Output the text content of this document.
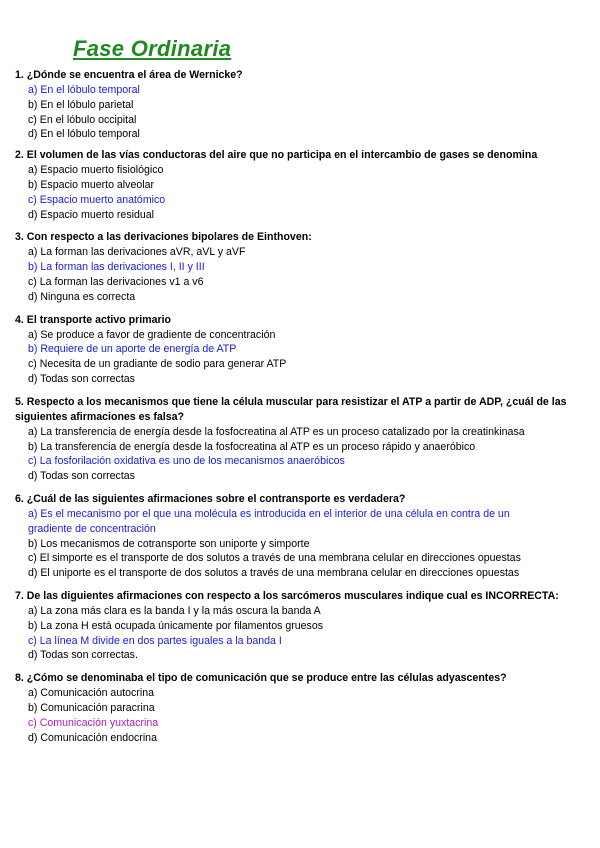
Fase Ordinaria

1. ¿Dónde se encuentra el área de Wernicke?

a) En el lóbulo temporal
b) En el lóbulo parietal
c) En el lóbulo occipital
d) En el lóbulo temporal

2. El volumen de las vías conductoras del aire que no participa en el intercambio de gases se denomina

a) Espacio muerto fisiológico
b) Espacio muerto alveolar
c) Espacio muerto anatómico
d) Espacio muerto residual

3. Con respecto a las derivaciones bipolares de Einthoven:

a) La forman las derivaciones aVR, aVL y aVF
b) La forman las derivaciones I, II y III
c) La forman las derivaciones v1 a v6
d) Ninguna es correcta

4. El transporte activo primario

a) Se produce a favor de gradiente de concentración
b) Requiere de un aporte de energía de ATP
c) Necesita de un gradiante de sodio para generar ATP
d) Todas son correctas

5. Respecto a los mecanismos que tiene la célula muscular para resistizar el ATP a partir de ADP, ¿cuál de las siguientes afirmaciones es falsa?

a) La transferencia de energía desde la fosfocreatina al ATP es un proceso catalizado por la creatinkinasa
b) La transferencia de energía desde la fosfocreatina al ATP es un proceso rápido y anaeróbico
c) La fosforilación oxidativa es uno de los mecanismos anaeróbicos
d) Todas son correctas

6. ¿Cuál de las siguientes afirmaciones sobre el contransporte es verdadera?

a) Es el mecanismo por el que una molécula es introducida en el interior de una célula en contra de un
gradiente de concentración
b) Los mecanismos de cotransporte son uniporte y simporte
c) El simporte es el transporte de dos solutos a través de una membrana celular en direcciones opuestas
d) El uniporte es el transporte de dos solutos a través de una membrana celular en direcciones opuestas

7. De las diguientes afirmaciones con respecto a los sarcómeros musculares indique cual es INCORRECTA:

a) La zona más clara es la banda I y la más oscura la banda A
b) La zona H está ocupada únicamente por filamentos gruesos
c) La línea M divide en dos partes iguales a la banda I
d) Todas son correctas.

8. ¿Cómo se denominaba el tipo de comunicación que se produce entre las células adyascentes?

a) Comunicación autocrina
b) Comunicación paracrina
c) Comunicación yuxtacrina
d) Comunicación endocrina
